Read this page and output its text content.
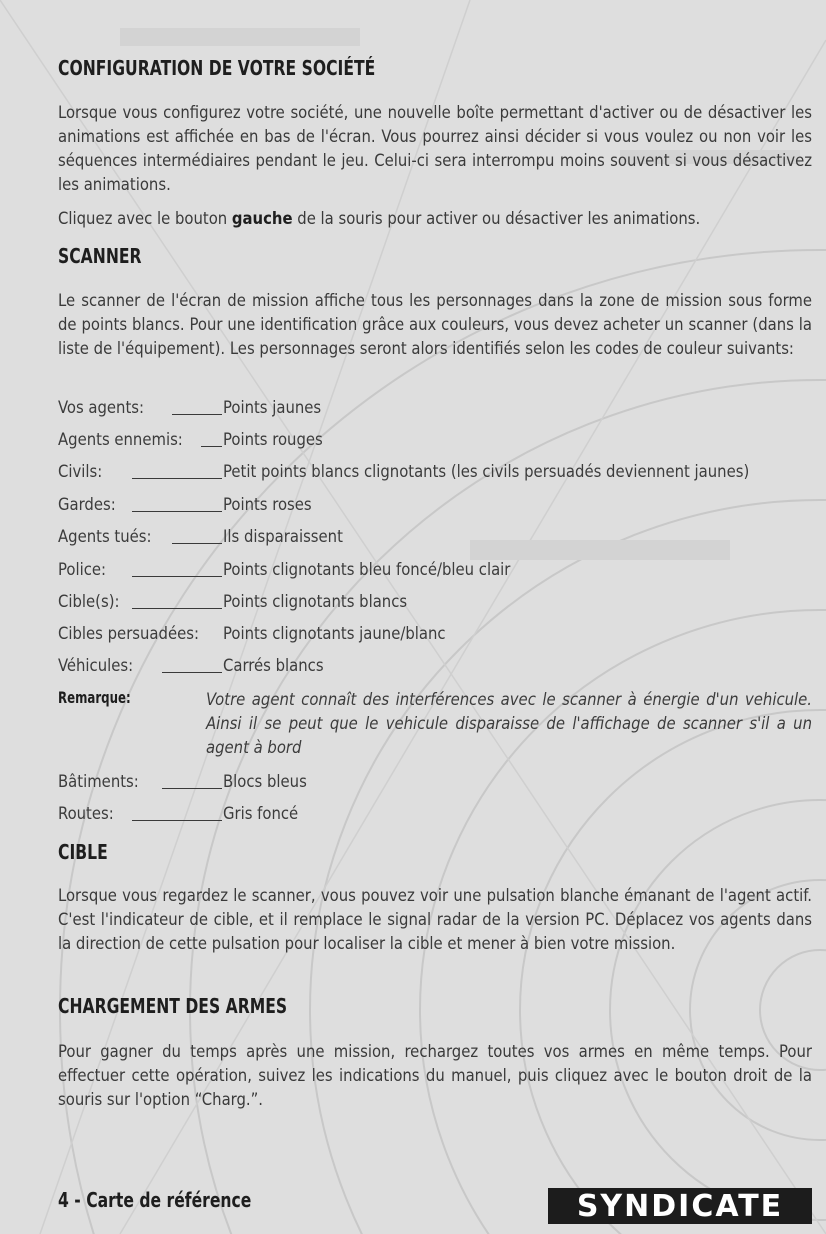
CONFIGURATION DE VOTRE SOCIÉTÉ

Lorsque vous configurez votre société, une nouvelle boîte permettant d'activer ou de désactiver les animations est affichée en bas de l'écran. Vous pourrez ainsi décider si vous voulez ou non voir les séquences intermédiaires pendant le jeu. Celui-ci sera interrompu moins souvent si vous désactivez les animations.

Cliquez avec le bouton gauche de la souris pour activer ou désactiver les animations.

SCANNER

Le scanner de l'écran de mission affiche tous les personnages dans la zone de mission sous forme de points blancs. Pour une identification grâce aux couleurs, vous devez acheter un scanner (dans la liste de l'équipement). Les personnages seront alors identifiés selon les codes de couleur suivants:

Vos agents:	Points jaunes
Agents ennemis: Points rouges
Civils:	Petit points blancs clignotants (les civils persuadés deviennent jaunes)
Gardes:	Points roses
Agents tués:	Ils disparaissent
Police:	Points clignotants bleu foncé/bleu clair
Cible(s):	Points clignotants blancs
Cibles persuadées: Points clignotants jaune/blanc
Véhicules:	Carrés blancs
Remarque:	Votre agent connaît des interférences avec le scanner à énergie d'un vehicule. Ainsi il se peut que le vehicule disparaisse de l'affichage de scanner s'il a un agent à bord

Bâtiments:	Blocs bleus
Routes:	Gris foncé
CIBLE

Lorsque vous regardez le scanner, vous pouvez voir une pulsation blanche émanant de l'agent actif. C'est l'indicateur de cible, et il remplace le signal radar de la version PC. Déplacez vos agents dans la direction de cette pulsation pour localiser la cible et mener à bien votre mission.

CHARGEMENT DES ARMES

Pour gagner du temps après une mission, rechargez toutes vos armes en même temps. Pour effectuer cette opération, suivez les indications du manuel, puis cliquez avec le bouton droit de la souris sur l'option “Charg.”.

4 - Carte de référence	SYNDICATE
